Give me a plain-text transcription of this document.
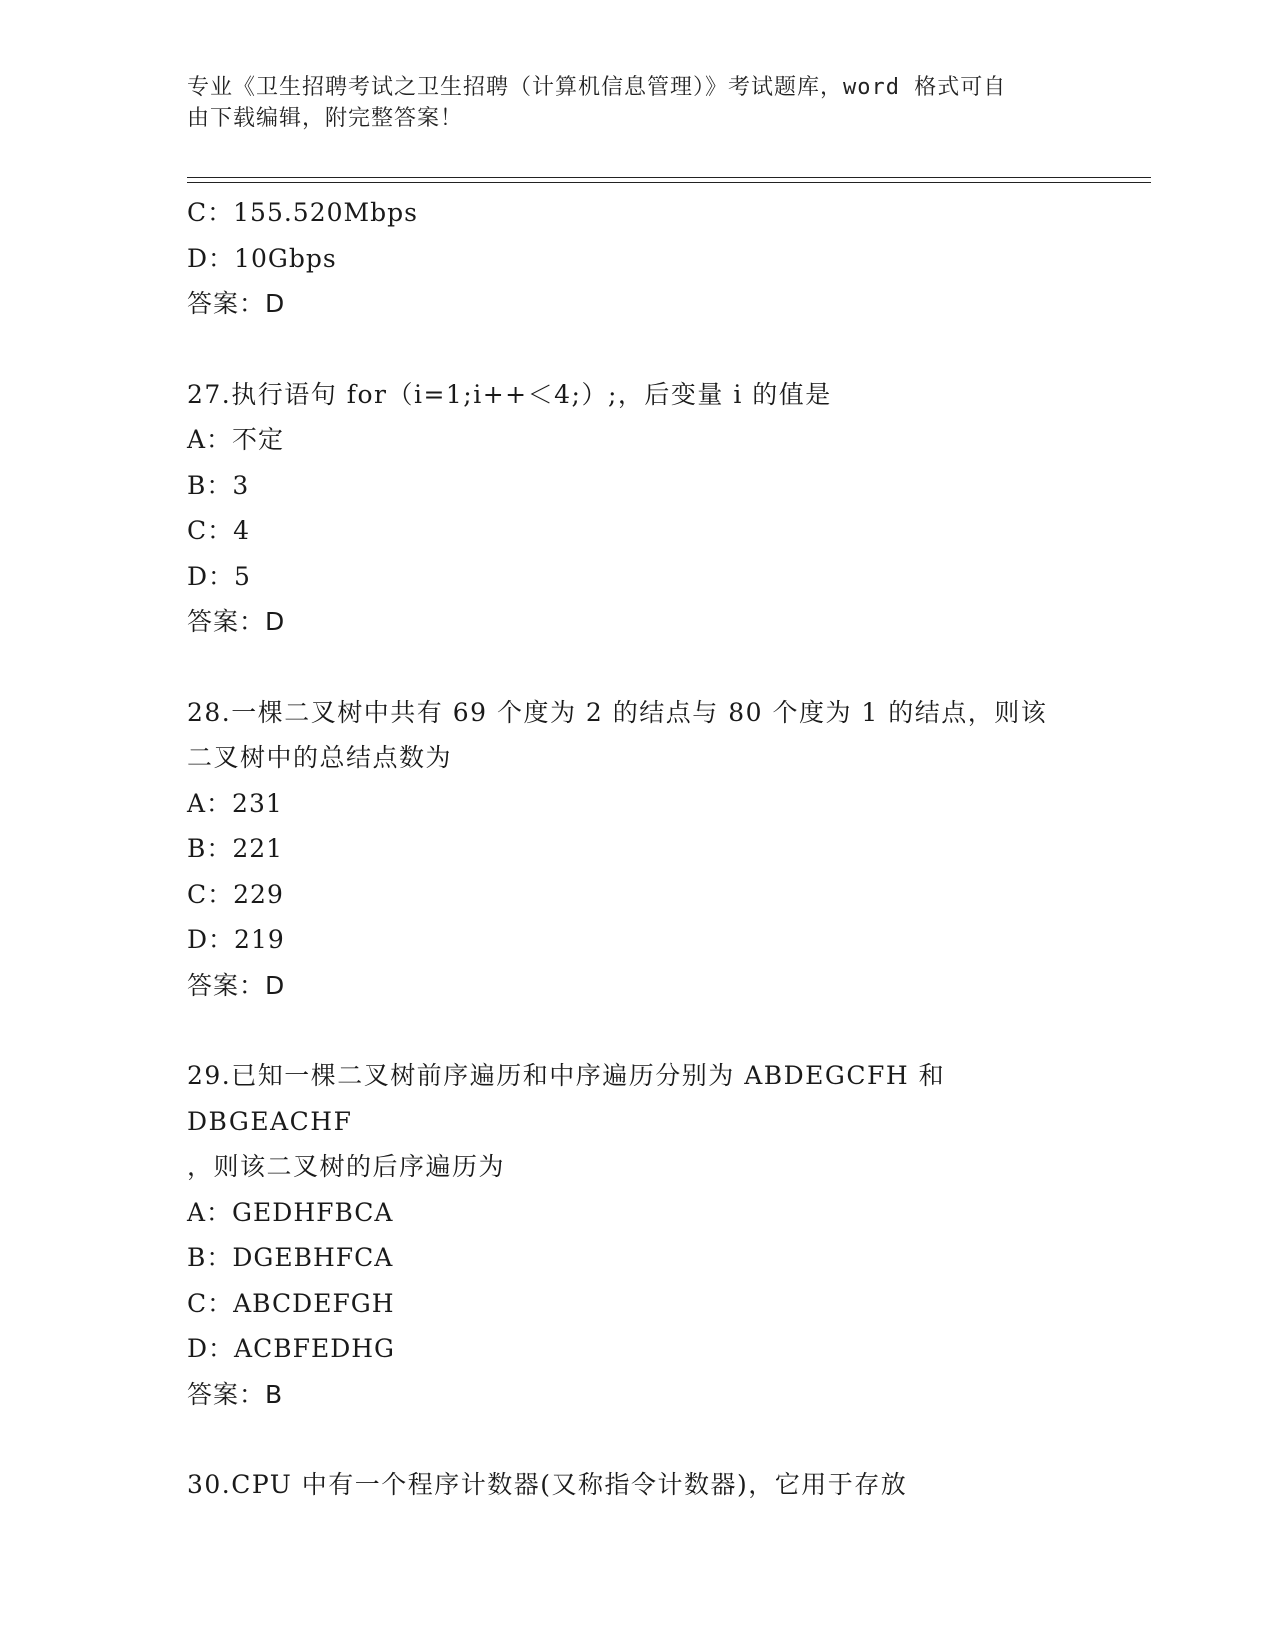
专业《卫生招聘考试之卫生招聘（计算机信息管理）》考试题库，word 格式可自
由下载编辑，附完整答案！
C：155.520Mbps
D：10Gbps
答案：D
27.执行语句 for（i=1;i++＜4;）;，后变量 i 的值是
A：不定
B：3
C：4
D：5
答案：D
28.一棵二叉树中共有 69 个度为 2 的结点与 80 个度为 1 的结点，则该
二叉树中的总结点数为
A：231
B：221
C：229
D：219
答案：D
29.已知一棵二叉树前序遍历和中序遍历分别为 ABDEGCFH 和 DBGEACHF
，则该二叉树的后序遍历为
A：GEDHFBCA
B：DGEBHFCA
C：ABCDEFGH
D：ACBFEDHG
答案：B
30.CPU 中有一个程序计数器(又称指令计数器)，它用于存放
